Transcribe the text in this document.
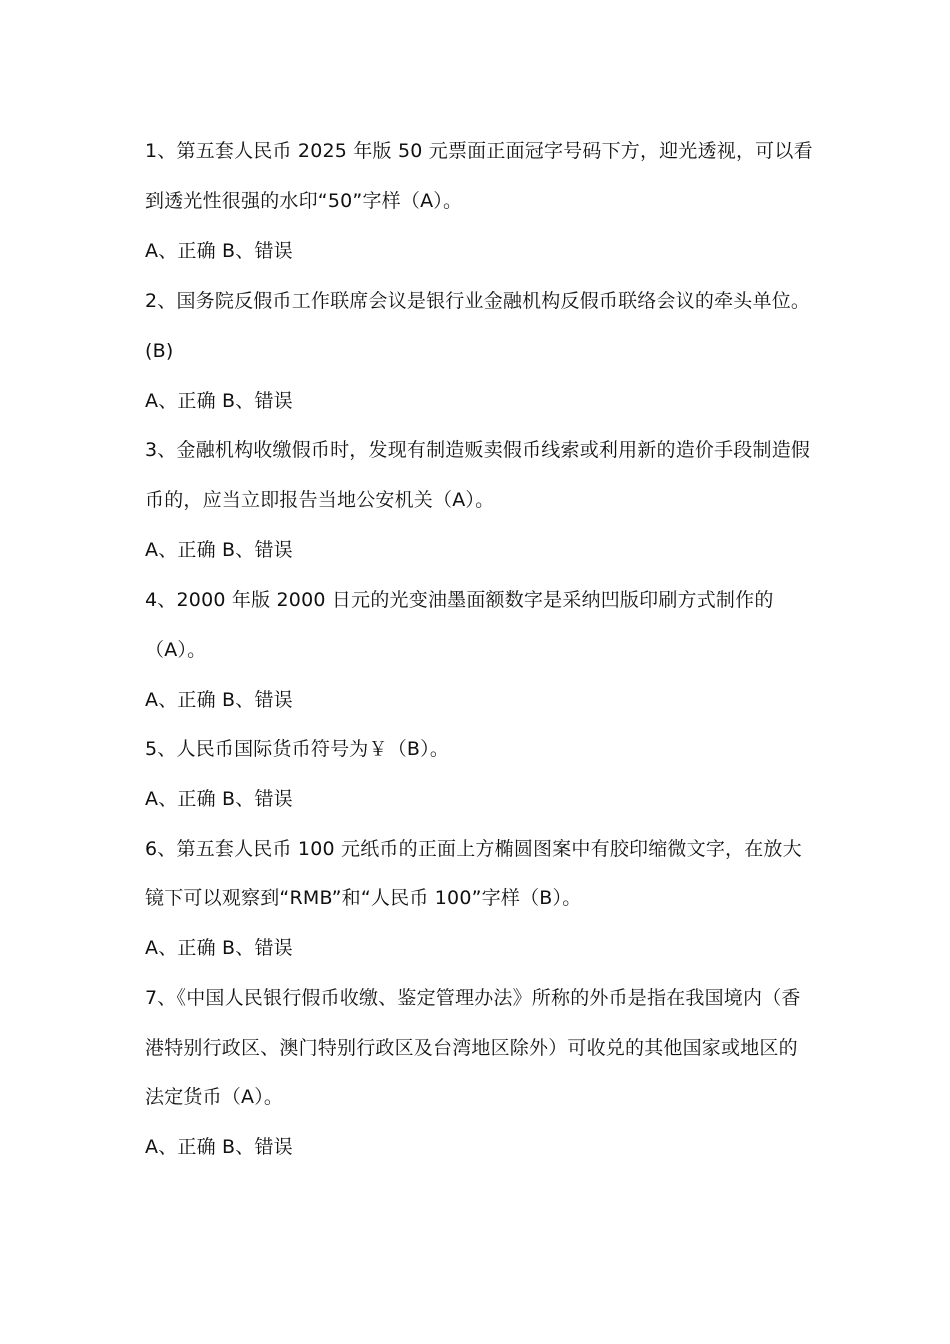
1、第五套人民币 2025 年版 50 元票面正面冠字号码下方，迎光透视，可以看
到透光性很强的水印“50”字样（A）。
A、正确 B、错误
2、国务院反假币工作联席会议是银行业金融机构反假币联络会议的牵头单位。
(B)
A、正确 B、错误
3、金融机构收缴假币时，发现有制造贩卖假币线索或利用新的造价手段制造假
币的，应当立即报告当地公安机关（A）。
A、正确 B、错误
4、2000 年版 2000 日元的光变油墨面额数字是采纳凹版印刷方式制作的
（A）。
A、正确 B、错误
5、人民币国际货币符号为￥（B）。
A、正确 B、错误
6、第五套人民币 100 元纸币的正面上方椭圆图案中有胶印缩微文字，在放大
镜下可以观察到“RMB”和“人民币 100”字样（B）。
A、正确 B、错误
7、《中国人民银行假币收缴、鉴定管理办法》所称的外币是指在我国境内（香
港特别行政区、澳门特别行政区及台湾地区除外）可收兑的其他国家或地区的
法定货币（A）。
A、正确 B、错误
